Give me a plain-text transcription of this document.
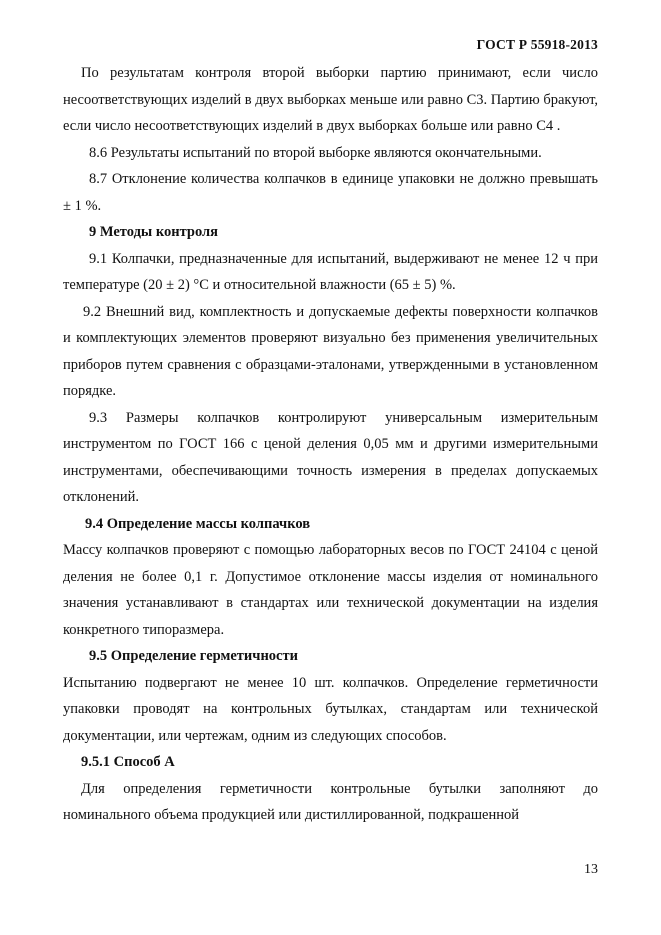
ГОСТ Р 55918-2013

По результатам контроля второй выборки партию принимают, если число несоответствующих изделий в двух выборках меньше или равно С3. Партию бракуют, если число несоответствующих изделий в двух выборках больше или равно С4 .

8.6 Результаты испытаний по второй выборке являются окончательными.

8.7 Отклонение количества колпачков в единице упаковки не должно превышать ± 1 %.

9 Методы контроля

9.1 Колпачки, предназначенные для испытаний, выдерживают не менее 12 ч при температуре (20 ± 2) °С и относительной влажности (65 ± 5) %.

9.2 Внешний вид, комплектность и допускаемые дефекты поверхности колпачков и комплектующих элементов проверяют визуально без применения увеличительных приборов путем сравнения с образцами-эталонами, утвержденными в установленном порядке.

9.3 Размеры колпачков контролируют универсальным измерительным инструментом по ГОСТ 166 с ценой деления 0,05 мм и другими измерительными инструментами, обеспечивающими точность измерения в пределах допускаемых отклонений.

9.4 Определение массы колпачков

Массу колпачков проверяют с помощью лабораторных весов по ГОСТ 24104 с ценой деления не более 0,1 г. Допустимое отклонение массы изделия от номинального значения устанавливают в стандартах или технической документации на изделия конкретного типоразмера.

9.5 Определение герметичности

Испытанию подвергают не менее 10 шт. колпачков. Определение герметичности упаковки проводят на контрольных бутылках, стандартам или технической документации, или чертежам, одним из следующих способов.

9.5.1 Способ А

Для определения герметичности контрольные бутылки заполняют до номинального объема продукцией или дистиллированной, подкрашенной

13
